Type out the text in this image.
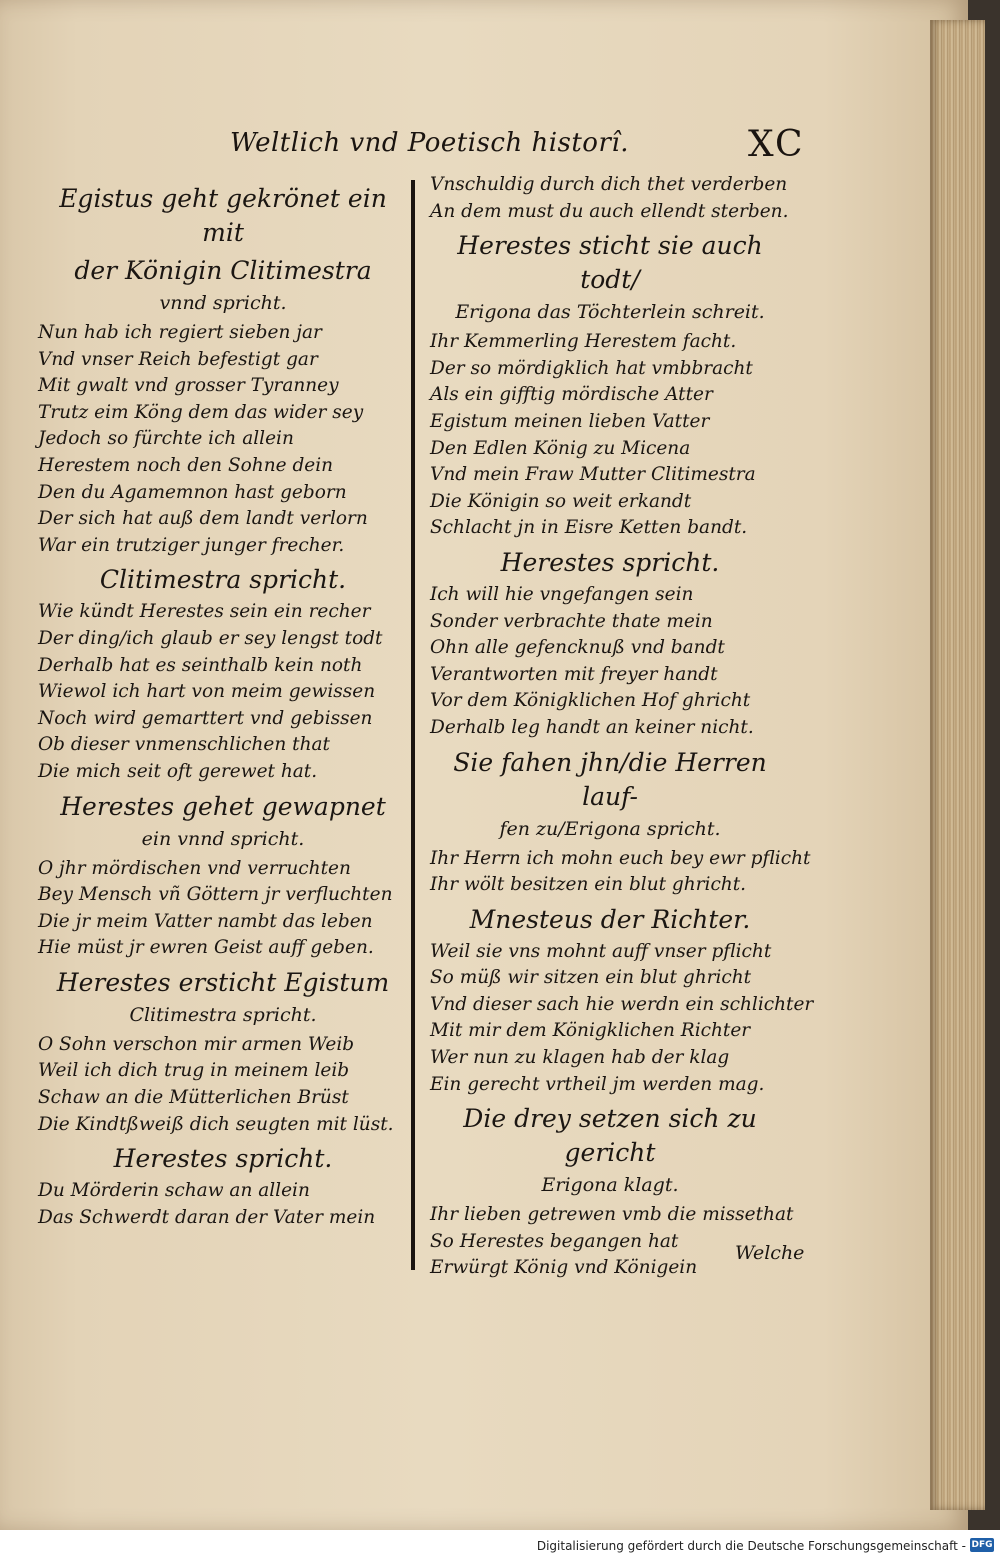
Weltlich vnd Poetisch historî.	XC
Egistus geht gekrönet ein mit
der Königin Clitimestra
vnnd spricht.
Nun hab ich regiert sieben jar
Vnd vnser Reich befestigt gar
Mit gwalt vnd grosser Tyranney
Trutz eim Köng dem das wider sey
Jedoch so fürchte ich allein
Herestem noch den Sohne dein
Den du Agamemnon hast geborn
Der sich hat auß dem landt verlorn
War ein trutziger junger frecher.
Clitimestra spricht.
Wie kündt Herestes sein ein recher
Der ding/ich glaub er sey lengst todt
Derhalb hat es seinthalb kein noth
Wiewol ich hart von meim gewissen
Noch wird gemarttert vnd gebissen
Ob dieser vnmenschlichen that
Die mich seit oft gerewet hat.
Herestes gehet gewapnet
ein vnnd spricht.
O jhr mördischen vnd verruchten
Bey Mensch vñ Göttern jr verfluchten
Die jr meim Vatter nambt das leben
Hie müst jr ewren Geist auff geben.
Herestes ersticht Egistum
Clitimestra spricht.
O Sohn verschon mir armen Weib
Weil ich dich trug in meinem leib
Schaw an die Mütterlichen Brüst
Die Kindtßweiß dich seugten mit lüst.
Herestes spricht.
Du Mörderin schaw an allein
Das Schwerdt daran der Vater mein
Vnschuldig durch dich thet verderben
An dem must du auch ellendt sterben.
Herestes sticht sie auch todt/
Erigona das Töchterlein schreit.
Ihr Kemmerling Herestem facht.
Der so mördigklich hat vmbbracht
Als ein gifftig mördische Atter
Egistum meinen lieben Vatter
Den Edlen König zu Micena
Vnd mein Fraw Mutter Clitimestra
Die Königin so weit erkandt
Schlacht jn in Eisre Ketten bandt.
Herestes spricht.
Ich will hie vngefangen sein
Sonder verbrachte thate mein
Ohn alle gefencknuß vnd bandt
Verantworten mit freyer handt
Vor dem Königklichen Hof ghricht
Derhalb leg handt an keiner nicht.
Sie fahen jhn/die Herren lauf-
fen zu/Erigona spricht.
Ihr Herrn ich mohn euch bey ewr pflicht
Ihr wölt besitzen ein blut ghricht.
Mnesteus der Richter.
Weil sie vns mohnt auff vnser pflicht
So müß wir sitzen ein blut ghricht
Vnd dieser sach hie werdn ein schlichter
Mit mir dem Königklichen Richter
Wer nun zu klagen hab der klag
Ein gerecht vrtheil jm werden mag.
Die drey setzen sich zu gericht
Erigona klagt.
Ihr lieben getrewen vmb die missethat
So Herestes begangen hat
Erwürgt König vnd Königein
Welche
Digitalisierung gefördert durch die Deutsche Forschungsgemeinschaft - DFG
